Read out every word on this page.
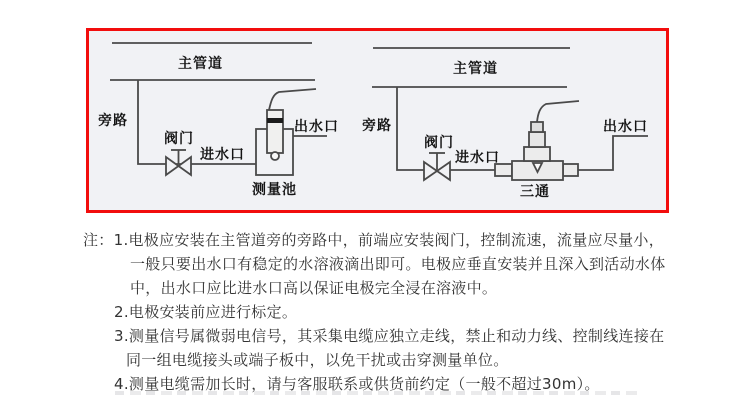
主管道
旁路
阀门
进水口
出水口
测量池
主管道
旁路
阀门
进水口
出水口
三通
注：1.电极应安装在主管道旁的旁路中，前端应安装阀门，控制流速，流量应尽量小，
一般只要出水口有稳定的水溶液滴出即可。电极应垂直安装并且深入到活动水体
中，出水口应比进水口高以保证电极完全浸在溶液中。
2.电极安装前应进行标定。
3.测量信号属微弱电信号，其采集电缆应独立走线，禁止和动力线、控制线连接在
同一组电缆接头或端子板中，以免干扰或击穿测量单位。
4.测量电缆需加长时，请与客服联系或供货前约定（一般不超过30m）。
